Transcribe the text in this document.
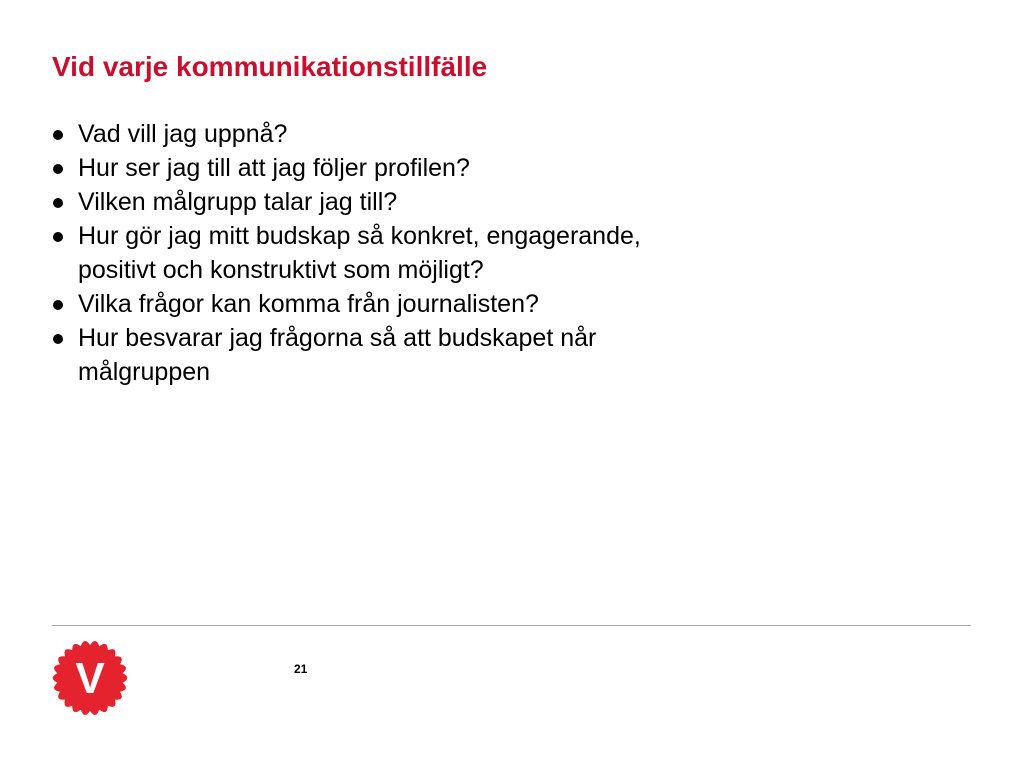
Vid varje kommunikationstillfälle
Vad vill jag uppnå?
Hur ser jag till att jag följer profilen?
Vilken målgrupp talar jag till?
Hur gör jag mitt budskap så konkret, engagerande, positivt och konstruktivt som möjligt?
Vilka frågor kan komma från journalisten?
Hur besvarar jag frågorna så att budskapet når målgruppen
V	21
